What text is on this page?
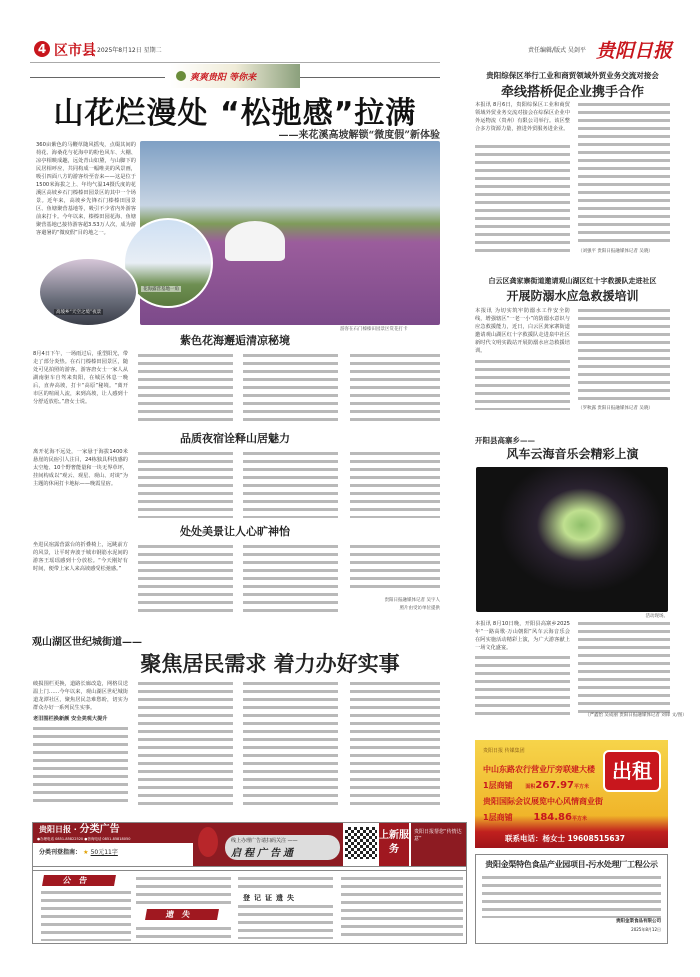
4 区市县 2025年8月12日 星期二	责任编辑/版式 吴剑平 贵阳日报
爽爽贵阳 等你来
山花烂漫处 “松弛感”拉满
——来花溪高坡解锁“微度假”新体验
360亩紫色的马鞭草随风摇曳，点缀其间的荷花、海桑花与花海中的粉色风车、大棚、凉亭相映成趣，远处青山如黛，与山脚下的民居相呼应，共同构成一幅唯美的风景画，吸引四面八方的游客纷至沓来——这是位于1500米海拔之上、年均气温14摄氏度的花溪区高坡乡石门榛榛田园景区的其中一个场景。近年来，高坡乡先锋石门榛榛田园景区、鱼塘聚营基地等，吸引不少省内外游客前来打卡。今年以来，榛榛田园花海、鱼塘聚营基地已接待游客超3.53万人次，成为游客避暑的“微度假”目的地之一。
花海露营基地一角
高坡乡“天空之境”夜景
游客在石门榛榛田园景区赏花打卡
紫色花海邂逅清凉秘境
8月4日下午，一场雨过后，重型阳光，带走了部分炎热。在石门榛榛田园景区，随处可见拍照的游客。游客唐女士一家人从湖南驱车自驾来贵阳，在城区休息一晚后，直奔高坡，打卡“高原”秘境。“离开市区的喧闹人流，来到高坡，让人感到十分舒适放松。”唐女士说。
品质夜宿诠释山居魅力
离开花海不远处，一家悬于海拔1400米悬崖的民宿引人注目，24栋独具科技感的太空舱、10个野奢能量和一块无界草坪，挂间构成以“观云、观星、观山、对谈”为主题的休闲打卡地标——晚霞星宿。
处处美景让人心旷神怡
坐进民宿露营露台的折叠椅上，远眺前方的风景，让平时奔波于城市钢筋水泥间的游客王瑶瑶感到十分放松。“今天刚好有时间，便带上家人来高坡感受松弛感。”
贵阳日报融媒体记者 吴宇人
照片由受访单位提供
观山湖区世纪城街道——
聚焦居民需求 着力办好实事
破损围栏更换，道路长廊改造，网格员送温上门……今年以来，观山湖区世纪城街道龙潭社区，聚焦居民急难愁盼，切实为群众办好一系列民生实事。
老旧围栏换新颜 安全美观大提升
贵阳综保区举行工业和商贸领域外贸业务交流对接会
牵线搭桥促企业携手合作
本报讯 8月6日，贵阳综保区工业和商贸领域外贸业务交流对接会在综保区企业中外运物流（贵州）有限公司举行。该区整合多方资源力量，推进外贸服务进企业。
（刘强平 贵阳日报融媒体记者 吴晓）
白云区龚家寨街道邀请观山湖区红十字救援队走进社区
开展防溺水应急救援培训
本报讯 为切实筑牢防溺水工作安全防线，增强辖区“一老一小”的防溺水意识与应急救援能力，近日，白云区龚家寨街道邀请观山湖区红十字救援队走进泉中社区新时代文明实践站开展防溺水应急救援培训。
（罗秋露 贵阳日报融媒体记者 吴晓）
开阳县高寨乡——
风车云海音乐会精彩上演
活动现场。
本报讯 8月10日晚，开阳县高寨乡2025年“一路高歌·万山朝阳”风车云海音乐会在阿实施活动精彩上演，为广大游客献上一场文化盛宴。
（严鑫怡 吴成丽 贵阳日报融媒体记者 刘锋 文/图）
贵阳日报 传媒集团
中山东路农行营业厅旁联建大楼
1层商铺	面积267.97平方米
贵阳国际会议展览中心风情商业街
1层商铺 184.86平方米
出租
联系电话：杨女士 19608515637
贵阳金渠特色食品产业园项目-污水处理厂工程公示
贵阳金渠食品有限公司
2025年8月12日
贵阳日报 · 分类广告
●办理电话 0851-85822520 ●咨询电话 0851-85818050
分类刊登指南： ★ 50元11字
线上办理广告请扫码关注 ——
启程广告通
上新服务
贵阳日报帮您“传情达意”
公告
遗失
登记证遗失
